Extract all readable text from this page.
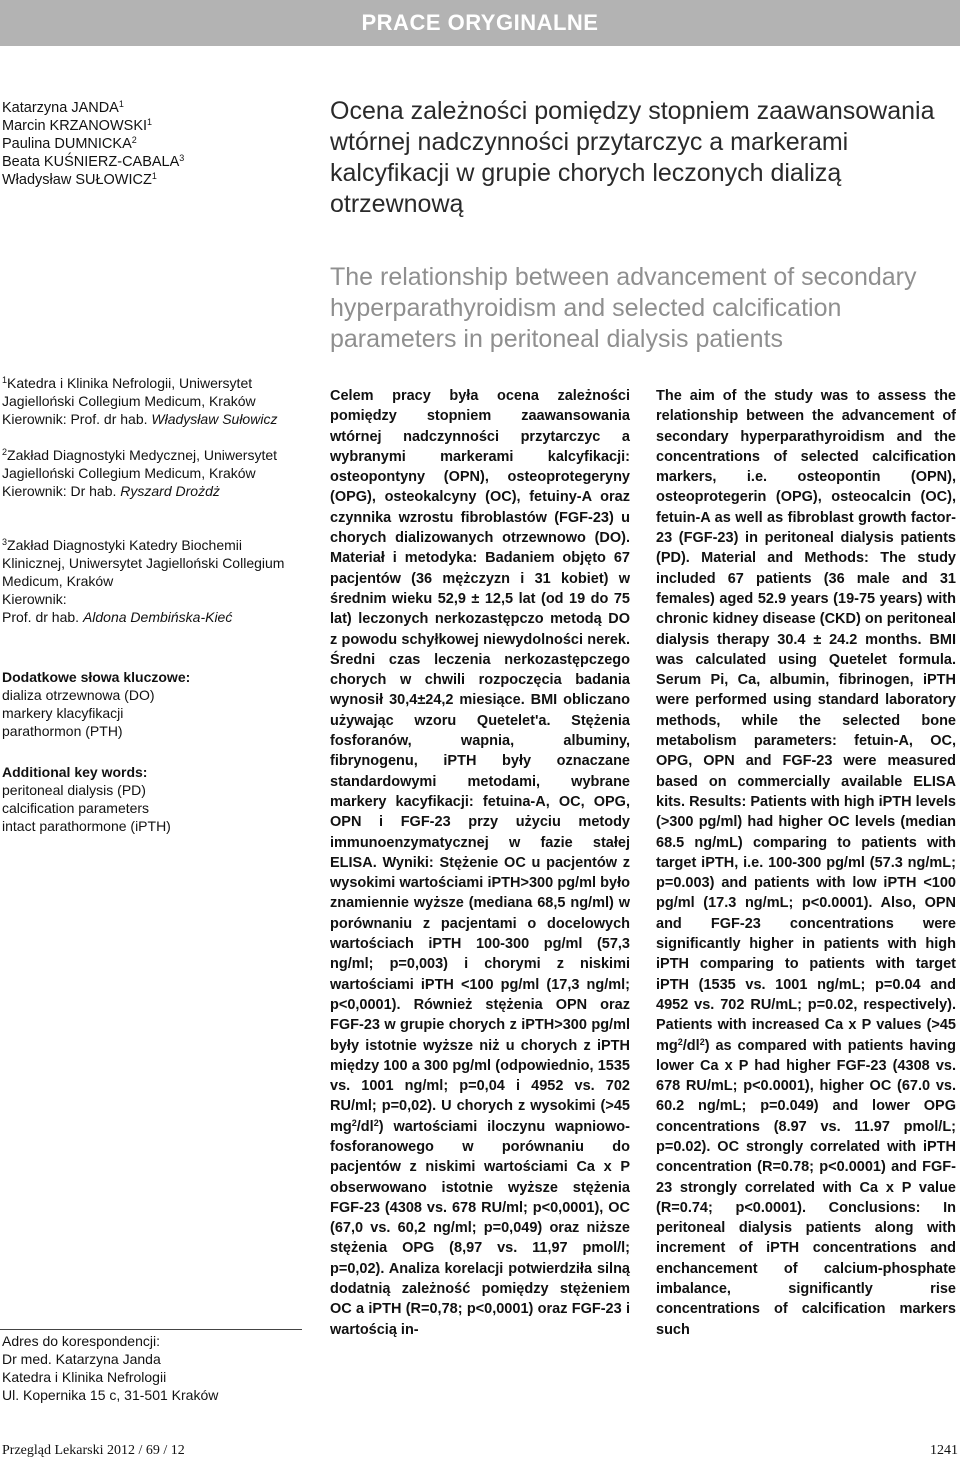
PRACE ORYGINALNE
Katarzyna JANDA$^1$
Marcin KRZANOWSKI$^1$
Paulina DUMNICKA$^2$
Beata KUŚNIERZ-CABALA$^3$
Władysław SUŁOWICZ$^1$
Ocena zależności pomiędzy stopniem zaawansowania wtórnej nadczynności przytarczyc a markerami kalcyfikacji w grupie chorych leczonych dializą otrzewnową
The relationship between advancement of secondary hyperparathyroidism and selected calcification parameters in peritoneal dialysis patients
$^1$Katedra i Klinika Nefrologii, Uniwersytet Jagielloński Collegium Medicum, Kraków
Kierownik: Prof. dr hab. Władysław Sułowicz
$^2$Zakład Diagnostyki Medycznej, Uniwersytet Jagielloński Collegium Medicum, Kraków
Kierownik: Dr hab. Ryszard Drożdż
$^3$Zakład Diagnostyki Katedry Biochemii Klinicznej, Uniwersytet Jagielloński Collegium Medicum, Kraków
Kierownik:
Prof. dr hab. Aldona Dembińska-Kieć
Dodatkowe słowa kluczowe:
dializa otrzewnowa (DO)
markery klacyfikacji
parathormon (PTH)
Additional key words:
peritoneal dialysis (PD)
calcification parameters
intact parathormone (iPTH)
Adres do korespondencji:
Dr med. Katarzyna Janda
Katedra i Klinika Nefrologii
Ul. Kopernika 15 c, 31-501 Kraków
Celem pracy była ocena zależności pomiędzy stopniem zaawansowania wtórnej nadczynności przytarczyc a wybranymi markerami kalcyfikacji: osteopontyny (OPN), osteoprotegeryny (OPG), osteokalcyny (OC), fetuiny-A oraz czynnika wzrostu fibroblastów (FGF-23) u chorych dializowanych otrzewnowo (DO). Materiał i metodyka: Badaniem objęto 67 pacjentów (36 mężczyzn i 31 kobiet) w średnim wieku 52,9 ± 12,5 lat (od 19 do 75 lat) leczonych nerkozastępczo metodą DO z powodu schyłkowej niewydolności nerek. Średni czas leczenia nerkozastępczego chorych w chwili rozpoczęcia badania wynosił 30,4±24,2 miesiące. BMI obliczano używając wzoru Quetelet'a. Stężenia fosforanów, wapnia, albuminy, fibrynogenu, iPTH były oznaczane standardowymi metodami, wybrane markery kacyfikacji: fetuina-A, OC, OPG, OPN i FGF-23 przy użyciu metody immunoenzymatycznej w fazie stałej ELISA. Wyniki: Stężenie OC u pacjentów z wysokimi wartościami iPTH>300 pg/ml było znamiennie wyższe (mediana 68,5 ng/ml) w porównaniu z pacjentami o docelowych wartościach iPTH 100-300 pg/ml (57,3 ng/ml; p=0,003) i chorymi z niskimi wartościami iPTH <100 pg/ml (17,3 ng/ml; p<0,0001). Również stężenia OPN oraz FGF-23 w grupie chorych z iPTH>300 pg/ml były istotnie wyższe niż u chorych z iPTH między 100 a 300 pg/ml (odpowiednio, 1535 vs. 1001 ng/ml; p=0,04 i 4952 vs. 702 RU/ml; p=0,02). U chorych z wysokimi (>45 $mg^2/dl^2$) wartościami iloczynu wapniowo-fosforanowego w porównaniu do pacjentów z niskimi wartościami Ca x P obserwowano istotnie wyższe stężenia FGF-23 (4308 vs. 678 RU/ml; p<0,0001), OC (67,0 vs. 60,2 ng/ml; p=0,049) oraz niższe stężenia OPG (8,97 vs. 11,97 pmol/l; p=0,02). Analiza korelacji potwierdziła silną dodatnią zależność pomiędzy stężeniem OC a iPTH (R=0,78; p<0,0001) oraz FGF-23 i wartością in-
The aim of the study was to assess the relationship between the advancement of secondary hyperparathyroidism and the concentrations of selected calcification markers, i.e. osteopontin (OPN), osteoprotegerin (OPG), osteocalcin (OC), fetuin-A as well as fibroblast growth factor-23 (FGF-23) in peritoneal dialysis patients (PD). Material and Methods: The study included 67 patients (36 male and 31 females) aged 52.9 years (19-75 years) with chronic kidney disease (CKD) on peritoneal dialysis therapy 30.4 ± 24.2 months. BMI was calculated using Quetelet formula. Serum Pi, Ca, albumin, fibrinogen, iPTH were performed using standard laboratory methods, while the selected bone metabolism parameters: fetuin-A, OC, OPG, OPN and FGF-23 were measured based on commercially available ELISA kits. Results: Patients with high iPTH levels (>300 pg/ml) had higher OC levels (median 68.5 ng/mL) comparing to patients with target iPTH, i.e. 100-300 pg/ml (57.3 ng/mL; p=0.003) and patients with low iPTH <100 pg/ml (17.3 ng/mL; p<0.0001). Also, OPN and FGF-23 concentrations were significantly higher in patients with high iPTH comparing to patients with target iPTH (1535 vs. 1001 ng/mL; p=0.04 and 4952 vs. 702 RU/mL; p=0.02, respectively). Patients with increased Ca x P values (>45 $mg^2/dl^2$) as compared with patients having lower Ca x P had higher FGF-23 (4308 vs. 678 RU/mL; p<0.0001), higher OC (67.0 vs. 60.2 ng/mL; p=0.049) and lower OPG concentrations (8.97 vs. 11.97 pmol/L; p=0.02). OC strongly correlated with iPTH concentration (R=0.78; p<0.0001) and FGF-23 strongly correlated with Ca x P value (R=0.74; p<0.0001). Conclusions: In peritoneal dialysis patients along with increment of iPTH concentrations and enchancement of calcium-phosphate imbalance, significantly rise concentrations of calcification markers such
Przegląd Lekarski 2012 / 69 / 12	1241
